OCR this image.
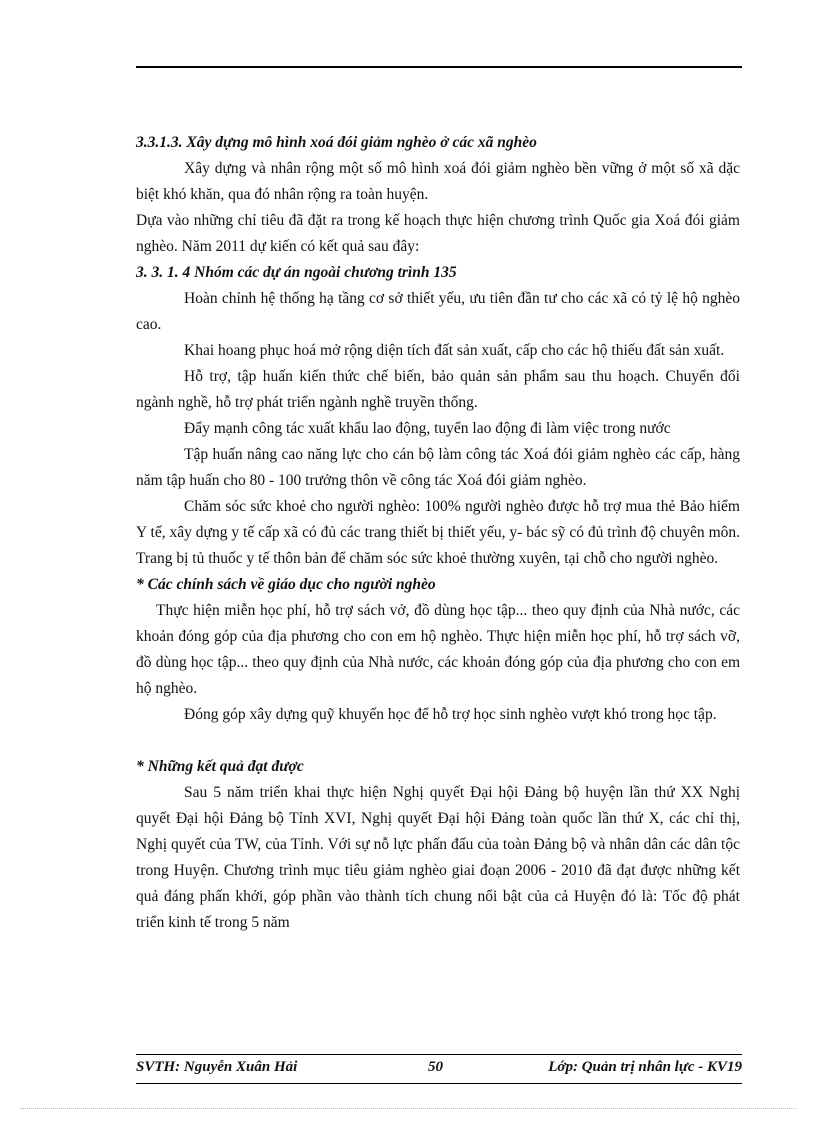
3.3.1.3. Xây dựng mô hình xoá đói giảm nghèo ở các xã nghèo

Xây dựng và nhân rộng một số mô hình xoá đói giảm nghèo bền vững ở một số xã dặc biệt khó khăn, qua đó nhân rộng ra toàn huyện.

Dựa vào những chỉ tiêu đã đặt ra trong kế hoạch thực hiện chương trình Quốc gia Xoá đói giảm nghèo. Năm 2011 dự kiến có kết quả sau đây:

3. 3. 1. 4 Nhóm các dự án ngoài chương trình 135

Hoàn chỉnh hệ thống hạ tầng cơ sở thiết yếu, ưu tiên đần tư cho các xã có tỷ lệ hộ nghèo cao.

Khai hoang phục hoá mở rộng diện tích đất sản xuất, cấp cho các hộ thiếu đất sản xuất.

Hỗ trợ, tập huấn kiến thức chế biến, bảo quản sản phẩm sau thu hoạch. Chuyển đổi ngành nghề, hỗ trợ phát triển ngành nghề truyền thống.

Đẩy mạnh công tác xuất khẩu lao động, tuyển lao động đi làm việc trong nước

Tập huấn nâng cao năng lực cho cán bộ làm công tác Xoá đói giảm nghèo các cấp, hàng năm tập huấn cho 80 - 100 trưởng thôn về công tác Xoá đói giảm nghèo.

Chăm sóc sức khoẻ cho người nghèo: 100% người nghèo được hỗ trợ mua thẻ Bảo hiểm Y tế, xây dựng y tế cấp xã có đủ các trang thiết bị thiết yếu, y- bác sỹ có đủ trình độ chuyên môn. Trang bị tủ thuốc y tế thôn bản để chăm sóc sức khoẻ thường xuyên, tại chỗ cho người nghèo.

* Các chính sách về giáo dục cho người nghèo

Thực hiện miễn học phí, hỗ trợ sách vở, đồ dùng học tập... theo quy định của Nhà nước, các khoản đóng góp của địa phương cho con em hộ nghèo. Thực hiện miễn học phí, hỗ trợ sách vỡ, đồ dùng học tập... theo quy định của Nhà nước, các khoản đóng góp của địa phương cho con em hộ nghèo.

Đóng góp xây dựng quỹ khuyến học để hỗ trợ học sinh nghèo vượt khó trong học tập.

* Những kết quả đạt được

Sau 5 năm triển khai thực hiện Nghị quyết Đại hội Đảng bộ huyện lần thứ XX Nghị quyết Đại hội Đảng bộ Tỉnh XVI, Nghị quyết Đại hội Đảng toàn quốc lần thứ X, các chỉ thị, Nghị quyết của TW, của Tỉnh. Với sự nỗ lực phấn đấu của toàn Đảng bộ và nhân dân các dân tộc trong Huyện. Chương trình mục tiêu giảm nghèo giai đoạn 2006 - 2010 đã đạt được những kết quả đáng phấn khởi, góp phần vào thành tích chung nổi bật của cả Huyện đó là: Tốc độ phát triển kinh tế trong 5 năm

SVTH: Nguyễn Xuân Hải	50	Lớp: Quản trị nhân lực - KV19
